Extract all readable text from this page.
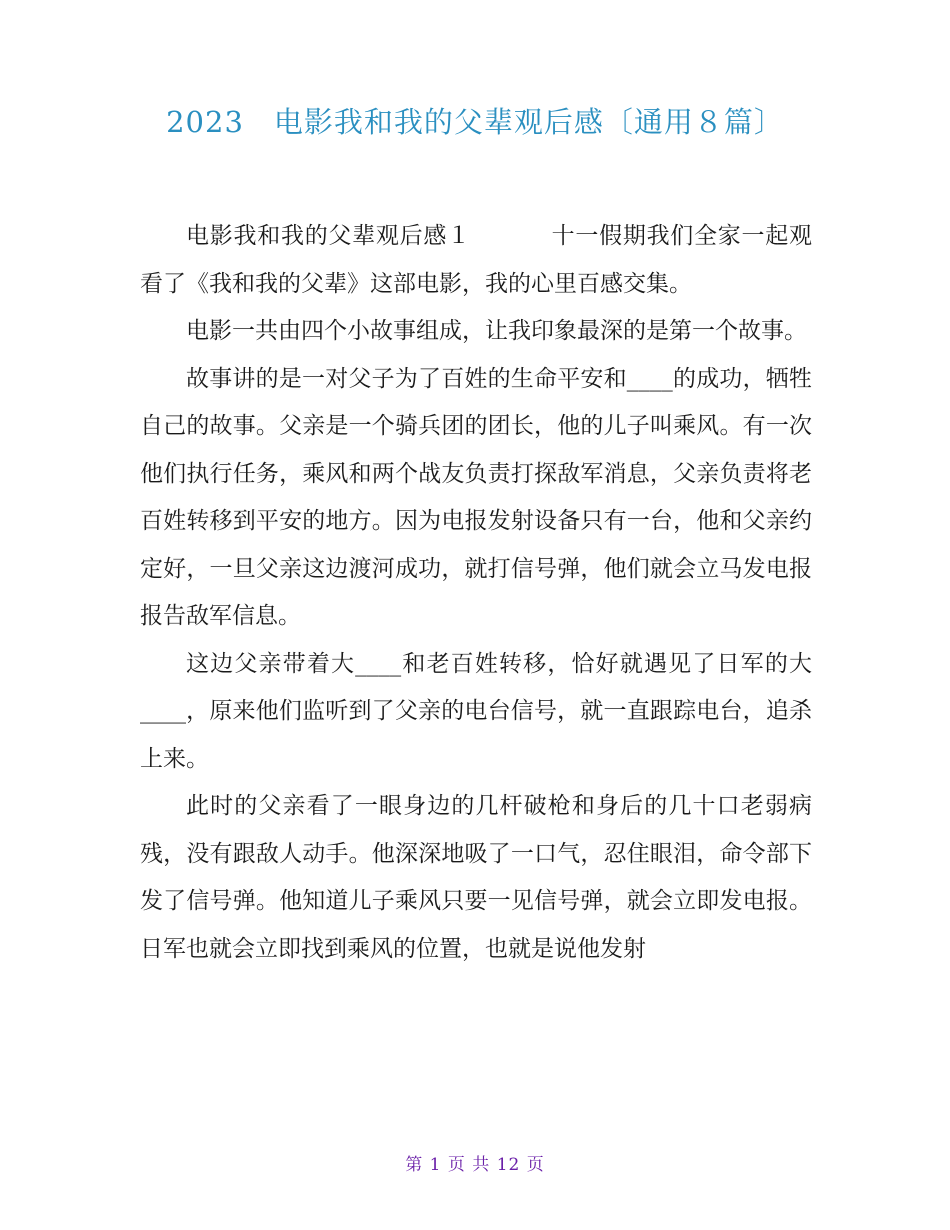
2023　电影我和我的父辈观后感〔通用８篇〕

电影我和我的父辈观后感１	十一假期我们全家一起观看了《我和我的父辈》这部电影，我的心里百感交集。

电影一共由四个小故事组成，让我印象最深的是第一个故事。

故事讲的是一对父子为了百姓的生命平安和____的成功，牺牲自己的故事。父亲是一个骑兵团的团长，他的儿子叫乘风。有一次他们执行任务，乘风和两个战友负责打探敌军消息，父亲负责将老百姓转移到平安的地方。因为电报发射设备只有一台，他和父亲约定好，一旦父亲这边渡河成功，就打信号弹，他们就会立马发电报报告敌军信息。

这边父亲带着大____和老百姓转移，恰好就遇见了日军的大____，原来他们监听到了父亲的电台信号，就一直跟踪电台，追杀上来。

此时的父亲看了一眼身边的几杆破枪和身后的几十口老弱病残，没有跟敌人动手。他深深地吸了一口气，忍住眼泪，命令部下发了信号弹。他知道儿子乘风只要一见信号弹，就会立即发电报。日军也就会立即找到乘风的位置，也就是说他发射

第 1 页 共 12 页
